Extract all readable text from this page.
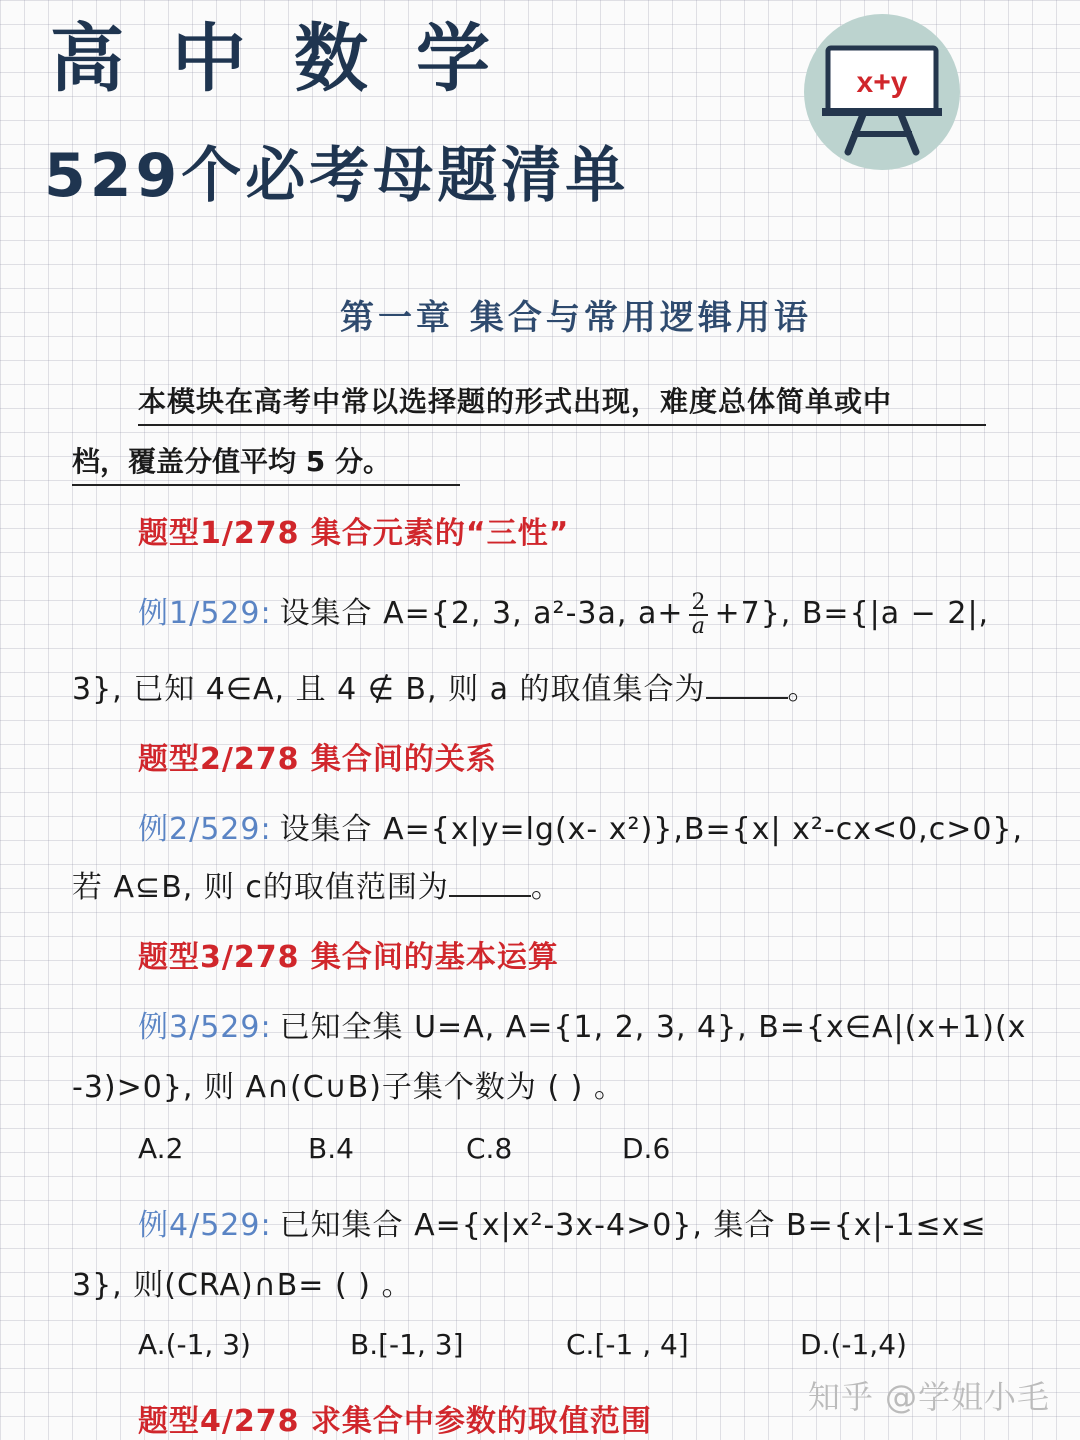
高中数学
529个必考母题清单
x+y
第一章 集合与常用逻辑用语
本模块在高考中常以选择题的形式出现，难度总体简单或中
档，覆盖分值平均 5 分。
题型1/278 集合元素的“三性”
例1/529: 设集合 A={2, 3, a²-3a, $a+ \frac{2}{a} +7$}, B={|a − 2|,
3}, 已知 4∈A, 且 4 ∉ B, 则 a 的取值集合为	。
题型2/278 集合间的关系
例2/529: 设集合 A={x|y=lg(x- x²)},B={x| x²-cx<0,c>0},
若 A⊆B, 则 c的取值范围为	。
题型3/278 集合间的基本运算
例3/529: 已知全集 U=A, A={1, 2, 3, 4}, B={x∈A|(x+1)(x
-3)>0}, 则 A∩(C∪B)子集个数为 ( ) 。
A.2	B.4	C.8	D.6
例4/529: 已知集合 A={x|x²-3x-4>0}, 集合 B={x|-1≤x≤
3}, 则(CRA)∩B= ( ) 。
A.(-1, 3)	B.[-1, 3]	C.[-1 , 4]	D.(-1,4)
题型4/278 求集合中参数的取值范围
知乎 @学姐小毛
